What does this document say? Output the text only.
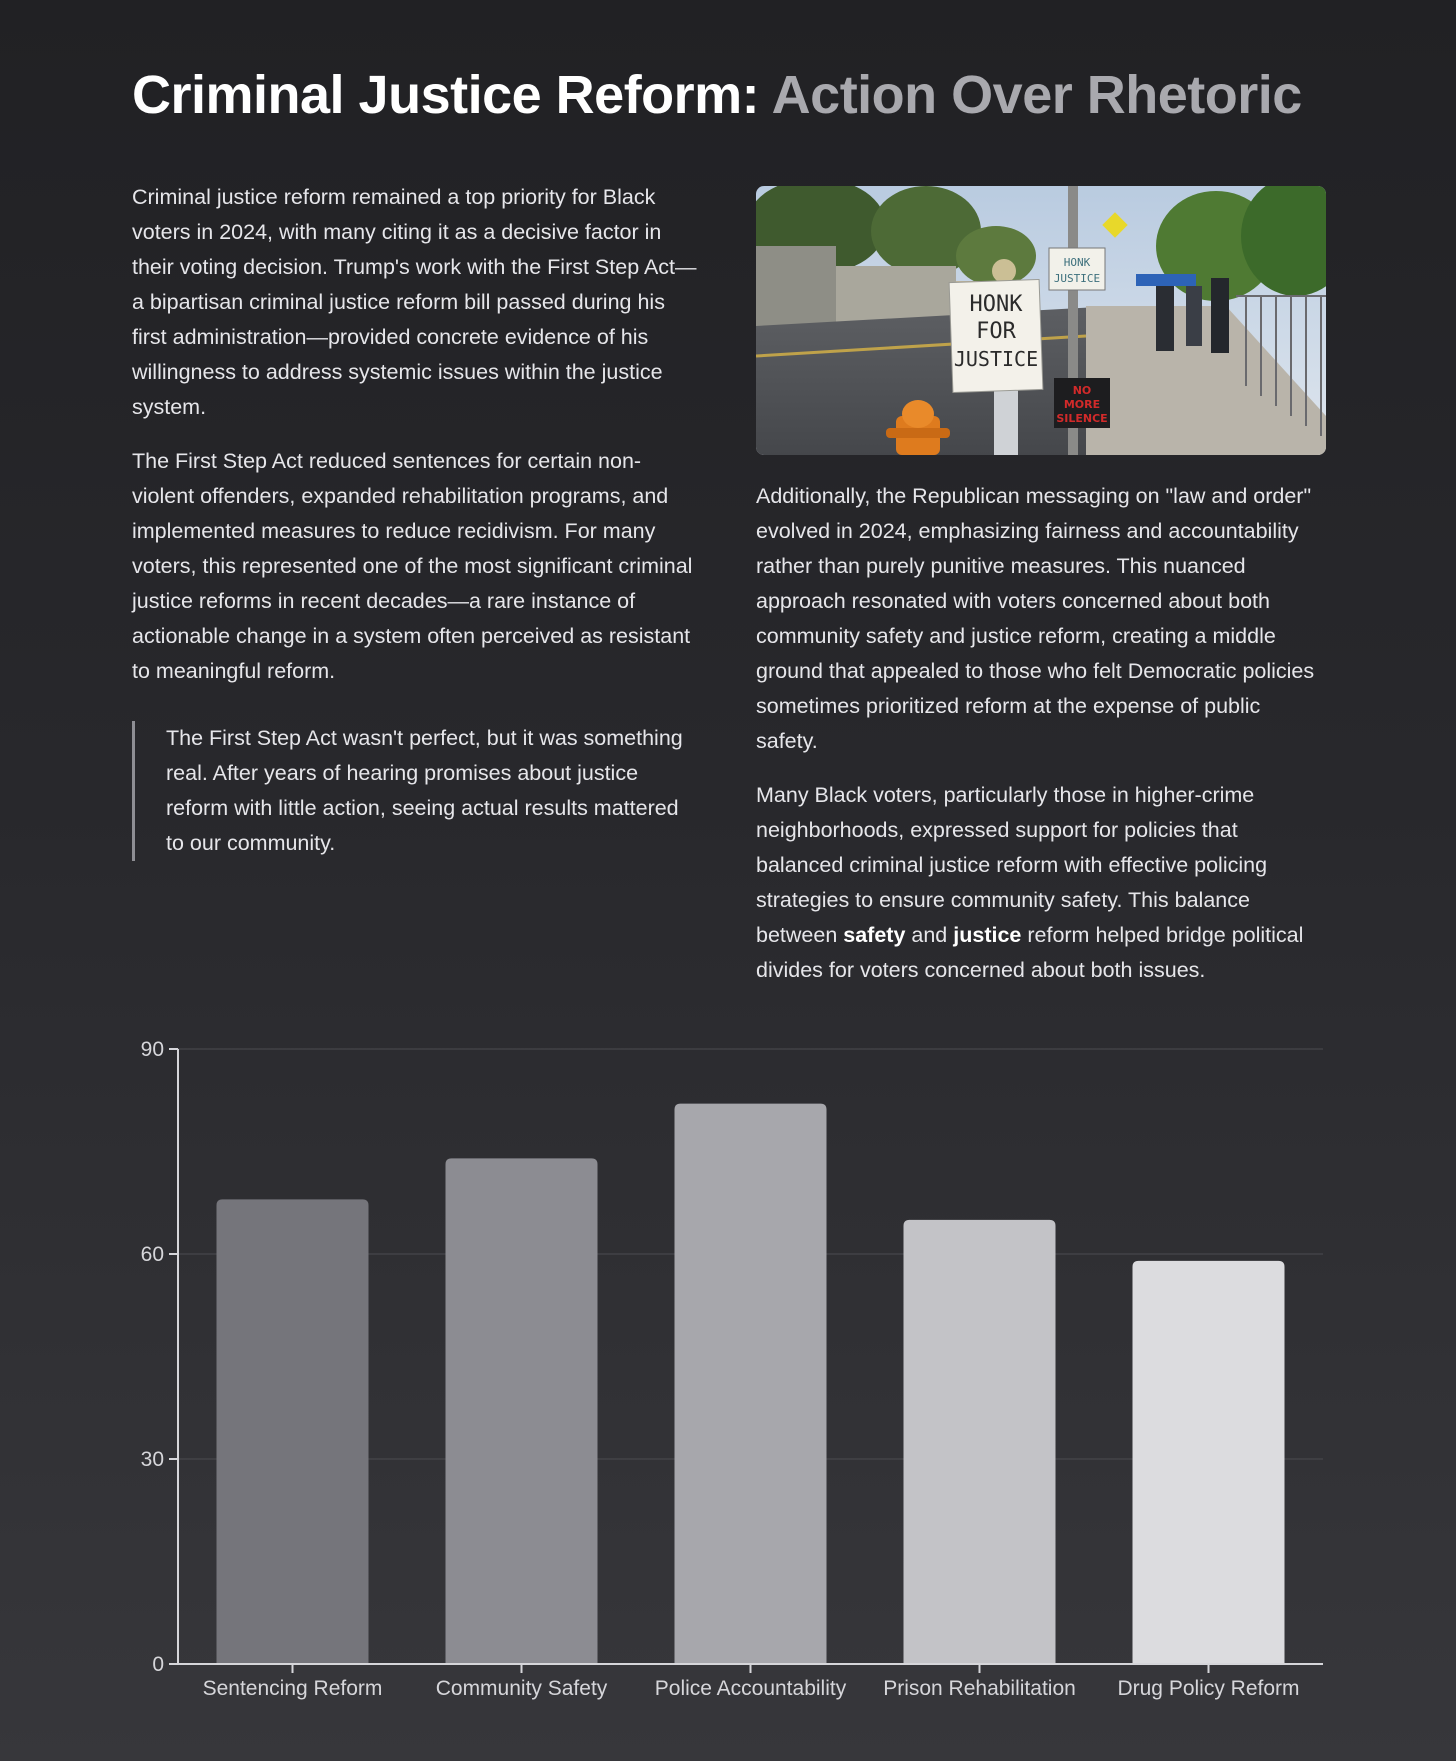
Criminal Justice Reform: Action Over Rhetoric

Criminal justice reform remained a top priority for Black voters in 2024, with many citing it as a decisive factor in their voting decision. Trump's work with the First Step Act—a bipartisan criminal justice reform bill passed during his first administration—provided concrete evidence of his willingness to address systemic issues within the justice system.

The First Step Act reduced sentences for certain non-violent offenders, expanded rehabilitation programs, and implemented measures to reduce recidivism. For many voters, this represented one of the most significant criminal justice reforms in recent decades—a rare instance of actionable change in a system often perceived as resistant to meaningful reform.

The First Step Act wasn't perfect, but it was something real. After years of hearing promises about justice reform with little action, seeing actual results mattered to our community.

HONK
JUSTICE
HONK
FOR
JUSTICE
NO
MORE
SILENCE

Additionally, the Republican messaging on "law and order" evolved in 2024, emphasizing fairness and accountability rather than purely punitive measures. This nuanced approach resonated with voters concerned about both community safety and justice reform, creating a middle ground that appealed to those who felt Democratic policies sometimes prioritized reform at the expense of public safety.

Many Black voters, particularly those in higher-crime neighborhoods, expressed support for policies that balanced criminal justice reform with effective policing strategies to ensure community safety. This balance between safety and justice reform helped bridge political divides for voters concerned about both issues.

0
30
60
90
Sentencing Reform	Community Safety Police Accountability Prison Rehabilitation Drug Policy Reform
